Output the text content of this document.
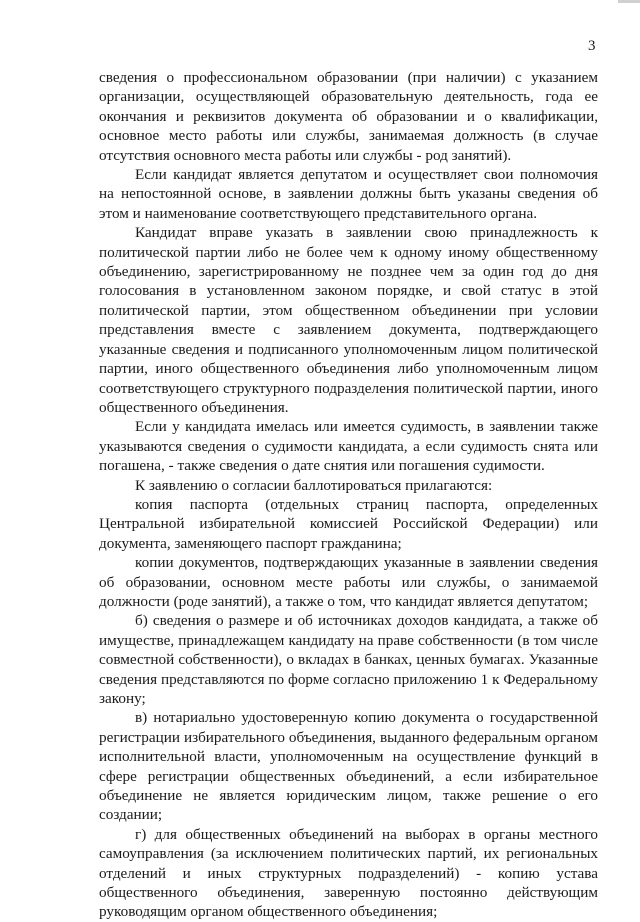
3

сведения о профессиональном образовании (при наличии) с указанием организации, осуществляющей образовательную деятельность, года ее окончания и реквизитов документа об образовании и о квалификации, основное место работы или службы, занимаемая должность (в случае отсутствия основного места работы или службы - род занятий).

Если кандидат является депутатом и осуществляет свои полномочия на непостоянной основе, в заявлении должны быть указаны сведения об этом и наименование соответствующего представительного органа.

Кандидат вправе указать в заявлении свою принадлежность к политической партии либо не более чем к одному иному общественному объединению, зарегистрированному не позднее чем за один год до дня голосования в установленном законом порядке, и свой статус в этой политической партии, этом общественном объединении при условии представления вместе с заявлением документа, подтверждающего указанные сведения и подписанного уполномоченным лицом политической партии, иного общественного объединения либо уполномоченным лицом соответствующего структурного подразделения политической партии, иного общественного объединения.

Если у кандидата имелась или имеется судимость, в заявлении также указываются сведения о судимости кандидата, а если судимость снята или погашена, - также сведения о дате снятия или погашения судимости.

К заявлению о согласии баллотироваться прилагаются:

копия паспорта (отдельных страниц паспорта, определенных Центральной избирательной комиссией Российской Федерации) или документа, заменяющего паспорт гражданина;

копии документов, подтверждающих указанные в заявлении сведения об образовании, основном месте работы или службы, о занимаемой должности (роде занятий), а также о том, что кандидат является депутатом;

б) сведения о размере и об источниках доходов кандидата, а также об имуществе, принадлежащем кандидату на праве собственности (в том числе совместной собственности), о вкладах в банках, ценных бумагах. Указанные сведения представляются по форме согласно приложению 1 к Федеральному закону;

в) нотариально удостоверенную копию документа о государственной регистрации избирательного объединения, выданного федеральным органом исполнительной власти, уполномоченным на осуществление функций в сфере регистрации общественных объединений, а если избирательное объединение не является юридическим лицом, также решение о его создании;

г) для общественных объединений на выборах в органы местного самоуправления (за исключением политических партий, их региональных отделений и иных структурных подразделений) - копию устава общественного объединения, заверенную постоянно действующим руководящим органом общественного объединения;
